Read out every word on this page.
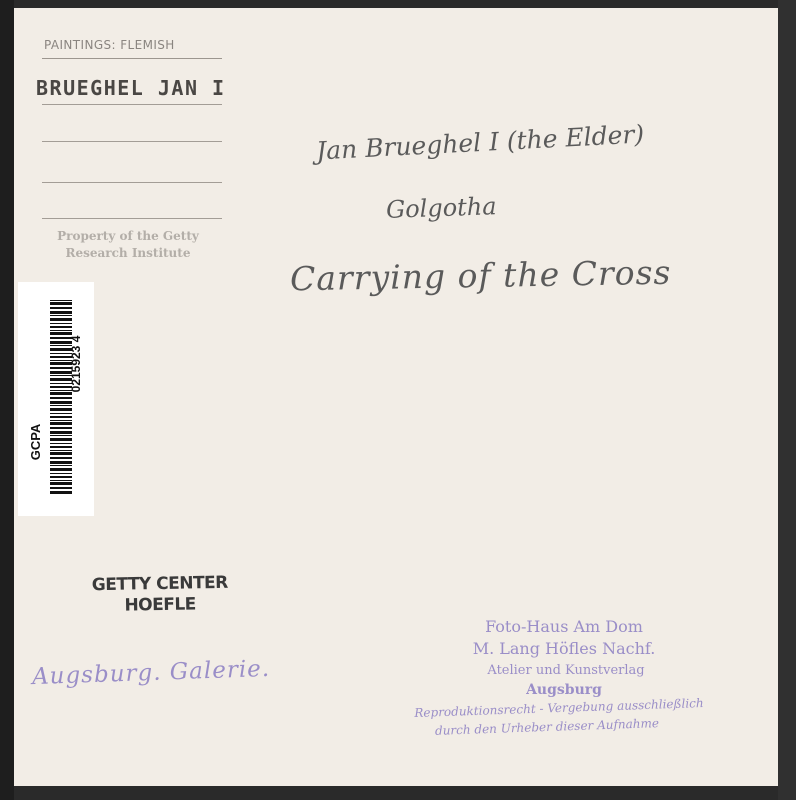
PAINTINGS: FLEMISH
BRUEGHEL JAN I
Property of the Getty
Research Institute
GCPA
0215923 4
Jan Brueghel I (the Elder)
Golgotha
Carrying of the Cross
GETTY CENTER
HOEFLE
Augsburg. Galerie.
Foto-Haus Am Dom
M. Lang Höfles Nachf.
Atelier und Kunstverlag
Augsburg
Reproduktionsrecht - Vergebung ausschließlich
durch den Urheber dieser Aufnahme
